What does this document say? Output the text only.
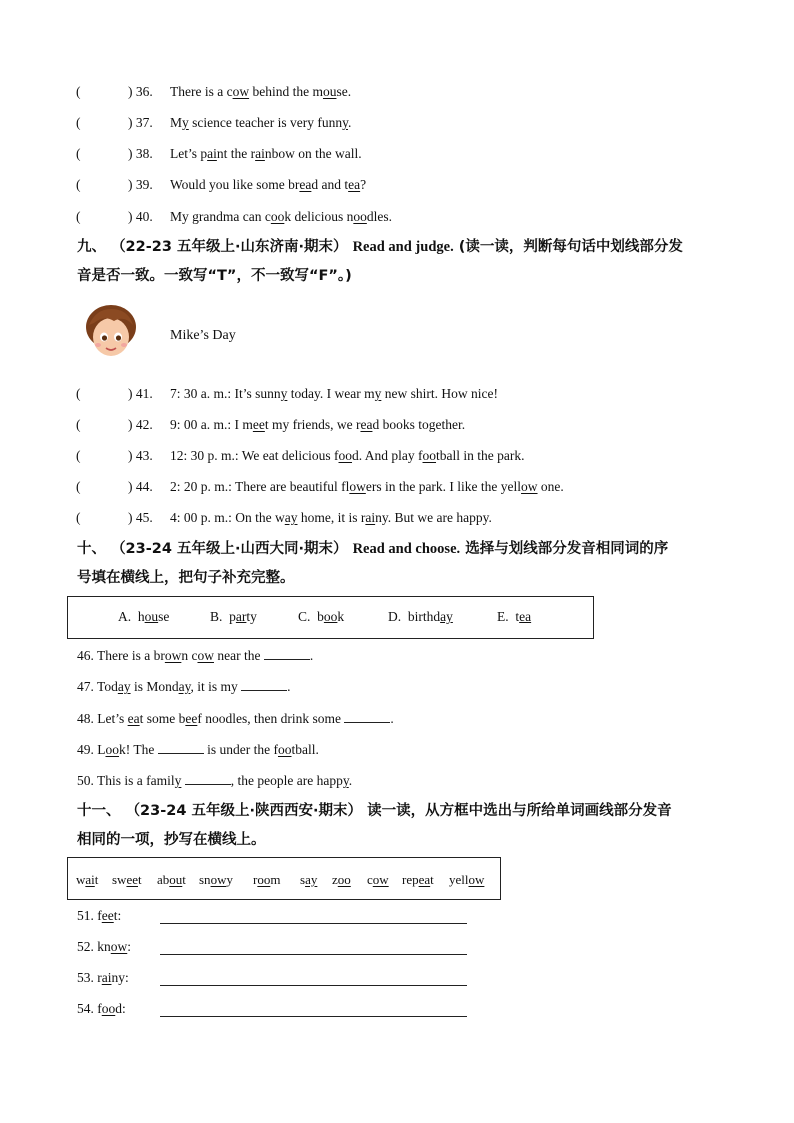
(	) 36. There is a cow behind the mouse.
(	) 37. My science teacher is very funny.
(	) 38. Let’s paint the rainbow on the wall.
(	) 39. Would you like some bread and tea?
(	) 40. My grandma can cook delicious noodles.
九、 （22-23 五年级上·山东济南·期末） Read and judge. (读一读，判断每句话中划线部分发
音是否一致。一致写“T”，不一致写“F”。)
Mike’s Day
(	) 41. 7: 30 a. m.: It’s sunny today. I wear my new shirt. How nice!
(	) 42. 9: 00 a. m.: I meet my friends, we read books together.
(	) 43. 12: 30 p. m.: We eat delicious food. And play football in the park.
(	) 44. 2: 20 p. m.: There are beautiful flowers in the park. I like the yellow one.
(	) 45. 4: 00 p. m.: On the way home, it is rainy. But we are happy.
十、 （23-24 五年级上·山西大同·期末） Read and choose. 选择与划线部分发音相同词的序
号填在横线上，把句子补充完整。
A.  house	B.  party	C.  book	D.  birthday	E.  tea
46. There is a brown cow near the	.
47. Today is Monday, it is my	.
48. Let’s eat some beef noodles, then drink some	.
49. Look! The	is under the football.
50. This is a family	, the people are happy.
十一、 （23-24 五年级上·陕西西安·期末） 读一读，从方框中选出与所给单词画线部分发音
相同的一项，抄写在横线上。
wait sweet about snowy room say zoo cow repeat yellow
51. feet:
52. know:
53. rainy:
54. food:
